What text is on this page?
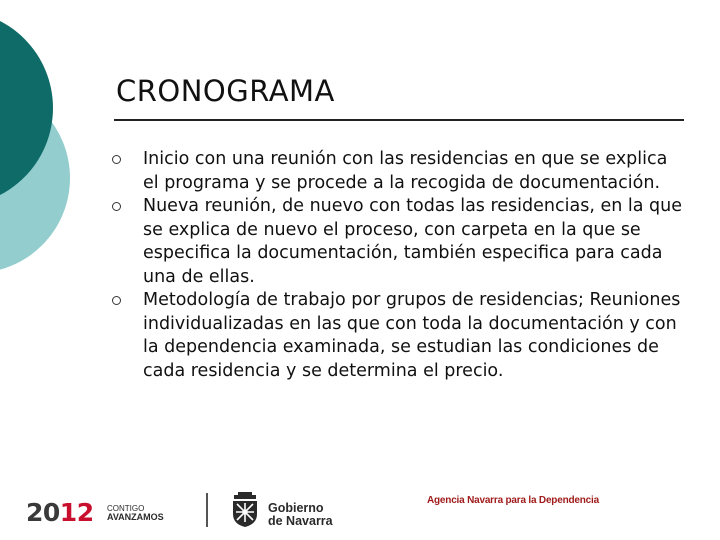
CRONOGRAMA
Inicio con una reunión con las residencias en que se explica el programa y se procede a la recogida de documentación.
Nueva reunión, de nuevo con todas las residencias, en la que se explica de nuevo el proceso, con carpeta en la que se especifica la documentación, también especifica para cada una de ellas.
Metodología de trabajo por grupos de residencias; Reuniones individualizadas en las que con toda la documentación y con la dependencia examinada, se estudian las condiciones de cada residencia y se determina el precio.
2012 CONTIGO
AVANZAMOS
Gobierno
de Navarra
Agencia Navarra para la Dependencia
